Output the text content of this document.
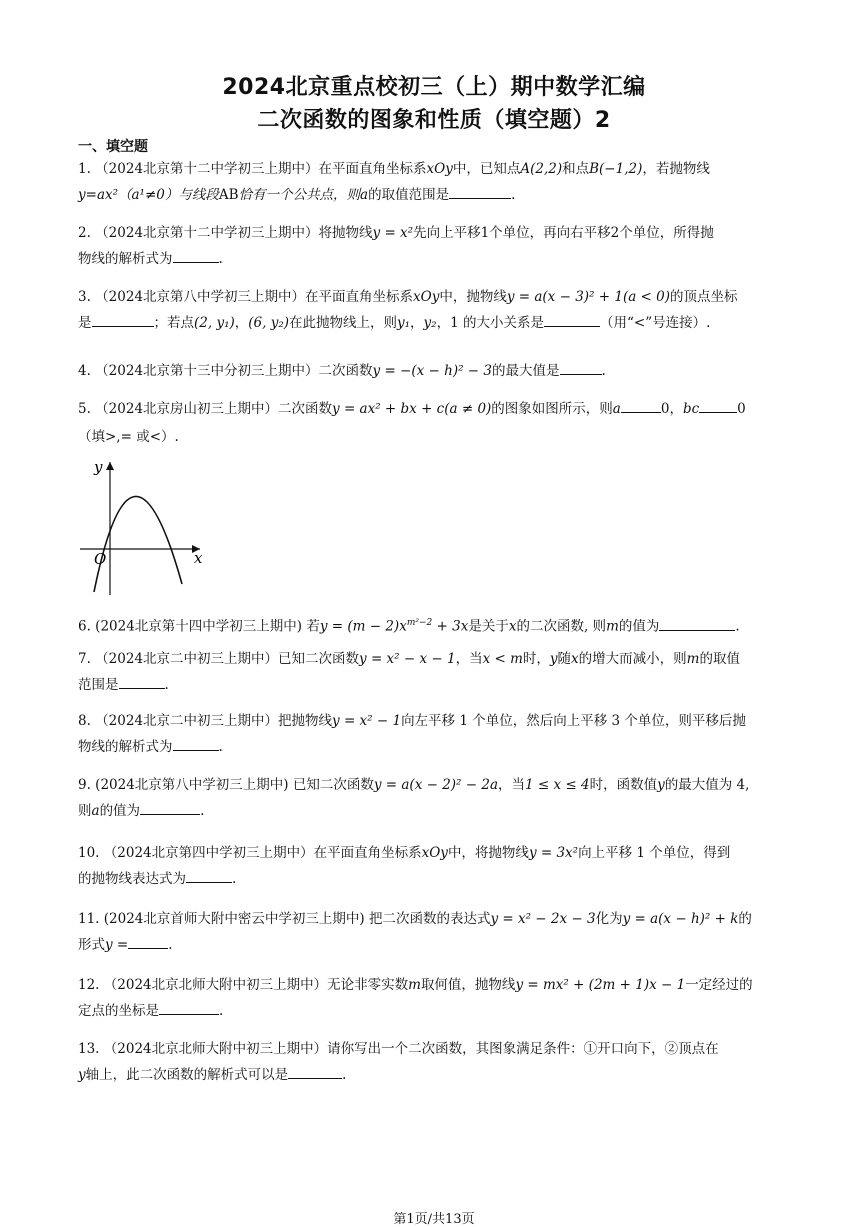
2024北京重点校初三（上）期中数学汇编
二次函数的图象和性质（填空题）2
一、填空题
1. （2024北京第十二中学初三上期中）在平面直角坐标系xOy中，已知点A(2,2)和点B(−1,2)，若抛物线
y=ax²（a¹≠0）与线段AB恰有一个公共点，则a的取值范围是	.
2. （2024北京第十二中学初三上期中）将抛物线y = x²先向上平移1个单位，再向右平移2个单位，所得抛
物线的解析式为	.
3. （2024北京第八中学初三上期中）在平面直角坐标系xOy中，抛物线y = a(x − 3)² + 1(a < 0)的顶点坐标
是	；若点(2, y₁)，(6, y₂)在此抛物线上，则y₁，y₂，1 的大小关系是	（用“<”号连接）.
4. （2024北京第十三中分初三上期中）二次函数y = −(x − h)² − 3的最大值是	.
5. （2024北京房山初三上期中）二次函数y = ax² + bx + c(a ≠ 0)的图象如图所示，则a	0，bc	0
（填>,= 或<）.
y
x
O
6. (2024北京第十四中学初三上期中) 若$y = (m - 2)x^{m^2-2} + 3x$是关于x的二次函数, 则m的值为	.
7. （2024北京二中初三上期中）已知二次函数y = x² − x − 1，当x < m时，y随x的增大而减小，则m的取值
范围是	.
8. （2024北京二中初三上期中）把抛物线y = x² − 1向左平移 1 个单位，然后向上平移 3 个单位，则平移后抛
物线的解析式为	.
9. (2024北京第八中学初三上期中) 已知二次函数y = a(x − 2)² − 2a，当1 ≤ x ≤ 4时，函数值y的最大值为 4,
则a的值为	.
10. （2024北京第四中学初三上期中）在平面直角坐标系xOy中，将抛物线y = 3x²向上平移 1 个单位，得到
的抛物线表达式为	.
11. (2024北京首师大附中密云中学初三上期中) 把二次函数的表达式y = x² − 2x − 3化为y = a(x − h)² + k的
形式y =	.
12. （2024北京北师大附中初三上期中）无论非零实数m取何值，抛物线y = mx² + (2m + 1)x − 1一定经过的
定点的坐标是	.
13. （2024北京北师大附中初三上期中）请你写出一个二次函数，其图象满足条件：①开口向下，②顶点在
y轴上，此二次函数的解析式可以是	.
第1页/共13页
